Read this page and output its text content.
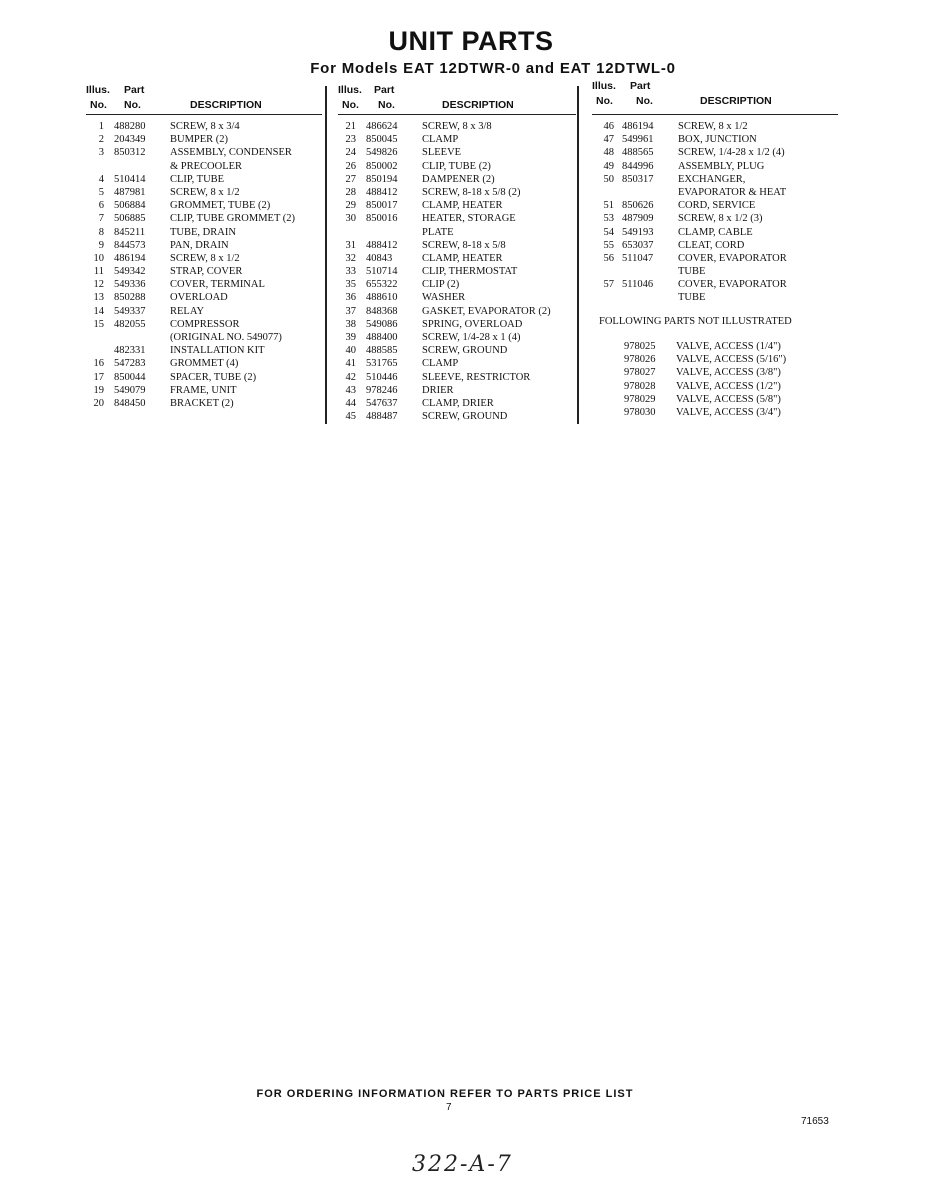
UNIT PARTS
For Models EAT 12DTWR-0 and EAT 12DTWL-0
Illus. Part
No. No.	DESCRIPTION
1 488280 SCREW, 8 x 3/4
2 204349 BUMPER (2)
3 850312 ASSEMBLY, CONDENSER
& PRECOOLER
4 510414 CLIP, TUBE
5 487981 SCREW, 8 x 1/2
6 506884 GROMMET, TUBE (2)
7 506885 CLIP, TUBE GROMMET (2)
8 845211 TUBE, DRAIN
9 844573 PAN, DRAIN
10 486194 SCREW, 8 x 1/2
11 549342 STRAP, COVER
12 549336 COVER, TERMINAL
13 850288 OVERLOAD
14 549337 RELAY
15 482055 COMPRESSOR
(ORIGINAL NO. 549077)
482331 INSTALLATION KIT
16 547283 GROMMET (4)
17 850044 SPACER, TUBE (2)
19 549079 FRAME, UNIT
20 848450 BRACKET (2)
Illus. Part
No. No.	DESCRIPTION
21 486624 SCREW, 8 x 3/8
23 850045 CLAMP
24 549826 SLEEVE
26 850002 CLIP, TUBE (2)
27 850194 DAMPENER (2)
28 488412 SCREW, 8-18 x 5/8 (2)
29 850017 CLAMP, HEATER
30 850016 HEATER, STORAGE
PLATE
31 488412 SCREW, 8-18 x 5/8
32 40843	CLAMP, HEATER
33 510714 CLIP, THERMOSTAT
35 655322 CLIP (2)
36 488610 WASHER
37 848368 GASKET, EVAPORATOR (2)
38 549086 SPRING, OVERLOAD
39 488400 SCREW, 1/4-28 x 1 (4)
40 488585 SCREW, GROUND
41 531765 CLAMP
42 510446 SLEEVE, RESTRICTOR
43 978246 DRIER
44 547637 CLAMP, DRIER
45 488487 SCREW, GROUND
Illus. Part
No. No.	DESCRIPTION
46 486194 SCREW, 8 x 1/2
47 549961 BOX, JUNCTION
48 488565 SCREW, 1/4-28 x 1/2 (4)
49 844996 ASSEMBLY, PLUG
50 850317 EXCHANGER,
EVAPORATOR & HEAT
51 850626 CORD, SERVICE
53 487909 SCREW, 8 x 1/2 (3)
54 549193 CLAMP, CABLE
55 653037 CLEAT, CORD
56 511047 COVER, EVAPORATOR
TUBE
57 511046 COVER, EVAPORATOR
TUBE
FOLLOWING PARTS NOT ILLUSTRATED
978025 VALVE, ACCESS (1/4")
978026 VALVE, ACCESS (5/16")
978027 VALVE, ACCESS (3/8")
978028 VALVE, ACCESS (1/2")
978029 VALVE, ACCESS (5/8")
978030 VALVE, ACCESS (3/4")
FOR ORDERING INFORMATION REFER TO PARTS PRICE LIST
7
71653
322-A-7
